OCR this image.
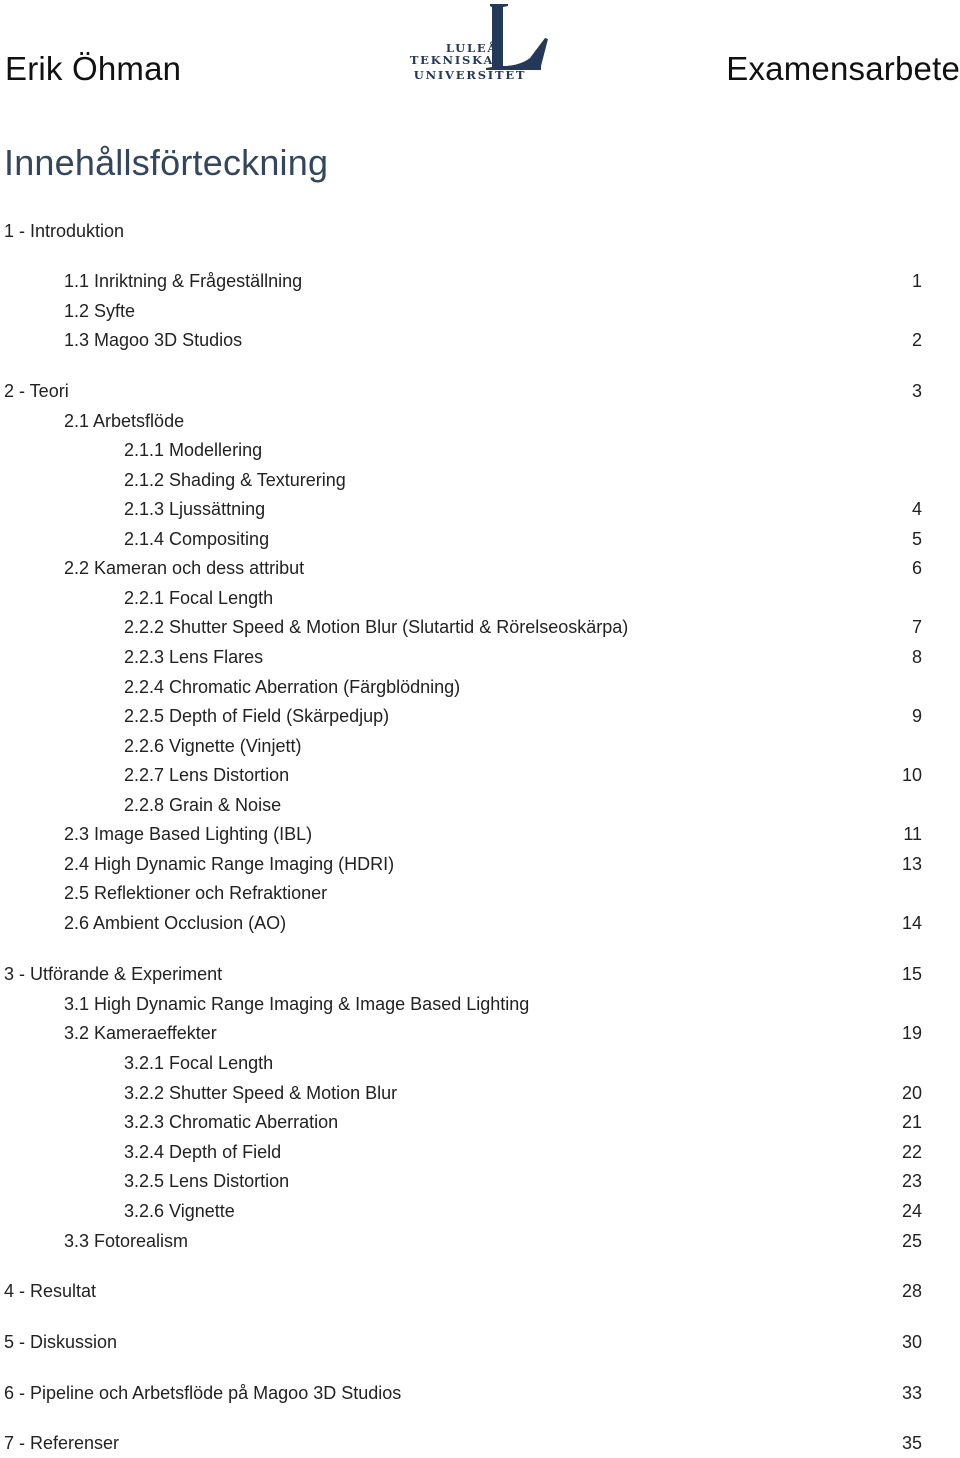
Erik Öhman
LULEÅ
TEKNISKA
UNIVERSITET	Examensarbete
Innehållsförteckning
1 - Introduktion
1.1 Inriktning & Frågeställning	1
1.2 Syfte
1.3 Magoo 3D Studios	2
2 - Teori	3
2.1 Arbetsflöde
2.1.1 Modellering
2.1.2 Shading & Texturering
2.1.3 Ljussättning	4
2.1.4 Compositing	5
2.2 Kameran och dess attribut	6
2.2.1 Focal Length
2.2.2 Shutter Speed & Motion Blur (Slutartid & Rörelseoskärpa)	7
2.2.3 Lens Flares	8
2.2.4 Chromatic Aberration (Färgblödning)
2.2.5 Depth of Field (Skärpedjup)	9
2.2.6 Vignette (Vinjett)
2.2.7 Lens Distortion	10
2.2.8 Grain & Noise
2.3 Image Based Lighting (IBL)	11
2.4 High Dynamic Range Imaging (HDRI)	13
2.5 Reflektioner och Refraktioner
2.6 Ambient Occlusion (AO)	14
3 - Utförande & Experiment	15
3.1 High Dynamic Range Imaging & Image Based Lighting
3.2 Kameraeffekter	19
3.2.1 Focal Length
3.2.2 Shutter Speed & Motion Blur	20
3.2.3 Chromatic Aberration	21
3.2.4 Depth of Field	22
3.2.5 Lens Distortion	23
3.2.6 Vignette	24
3.3 Fotorealism	25
4 - Resultat	28
5 - Diskussion	30
6 - Pipeline och Arbetsflöde på Magoo 3D Studios	33
7 - Referenser	35
